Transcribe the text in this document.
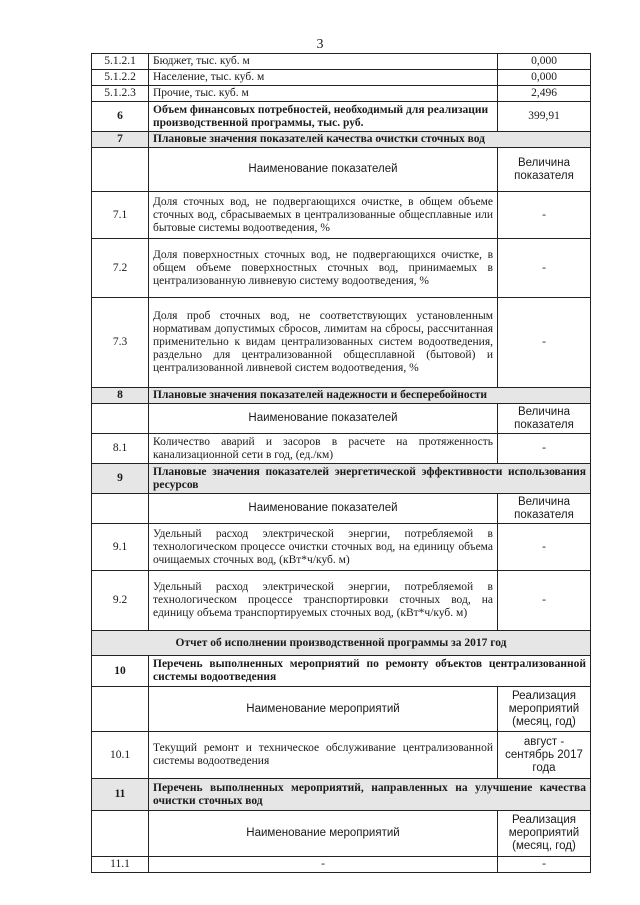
3
5.1.2.1	Бюджет, тыс. куб. м	0,000
5.1.2.2	Население, тыс. куб. м	0,000
5.1.2.3	Прочие, тыс. куб. м	2,496
6	Объем финансовых потребностей, необходимый для реализации производственной программы, тыс. руб.	399,91
7	Плановые значения показателей качества очистки сточных вод	
	Наименование показателей	Величина показателя
7.1	Доля сточных вод, не подвергающихся очистке, в общем объеме сточных вод, сбрасываемых в централизованные общесплавные или бытовые системы водоотведения, %	-
7.2	Доля поверхностных сточных вод, не подвергающихся очистке, в общем объеме поверхностных сточных вод, принимаемых в централизованную ливневую систему водоотведения, %	-
7.3	Доля проб сточных вод, не соответствующих установленным нормативам допустимых сбросов, лимитам на сбросы, рассчитанная применительно к видам централизованных систем водоотведения, раздельно для централизованной общесплавной (бытовой) и централизованной ливневой систем водоотведения, %	-
8	Плановые значения показателей надежности и бесперебойности	
	Наименование показателей	Величина показателя
8.1	Количество аварий и засоров в расчете на протяженность канализационной сети в год, (ед./км)	-
9	Плановые значения показателей энергетической эффективности использования ресурсов	
	Наименование показателей	Величина показателя
9.1	Удельный расход электрической энергии, потребляемой в технологическом процессе очистки сточных вод, на единицу объема очищаемых сточных вод, (кВт*ч/куб. м)	-
9.2	Удельный расход электрической энергии, потребляемой в технологическом процессе транспортировки сточных вод, на единицу объема транспортируемых сточных вод, (кВт*ч/куб. м)	-
Отчет об исполнении производственной программы за 2017 год		
10	Перечень выполненных мероприятий по ремонту объектов централизованной системы водоотведения	
	Наименование мероприятий	Реализация мероприятий (месяц, год)
10.1	Текущий ремонт и техническое обслуживание централизованной системы водоотведения	август - сентябрь 2017 года
11	Перечень выполненных мероприятий, направленных на улучшение качества очистки сточных вод	
	Наименование мероприятий	Реализация мероприятий (месяц, год)
11.1	-	-
